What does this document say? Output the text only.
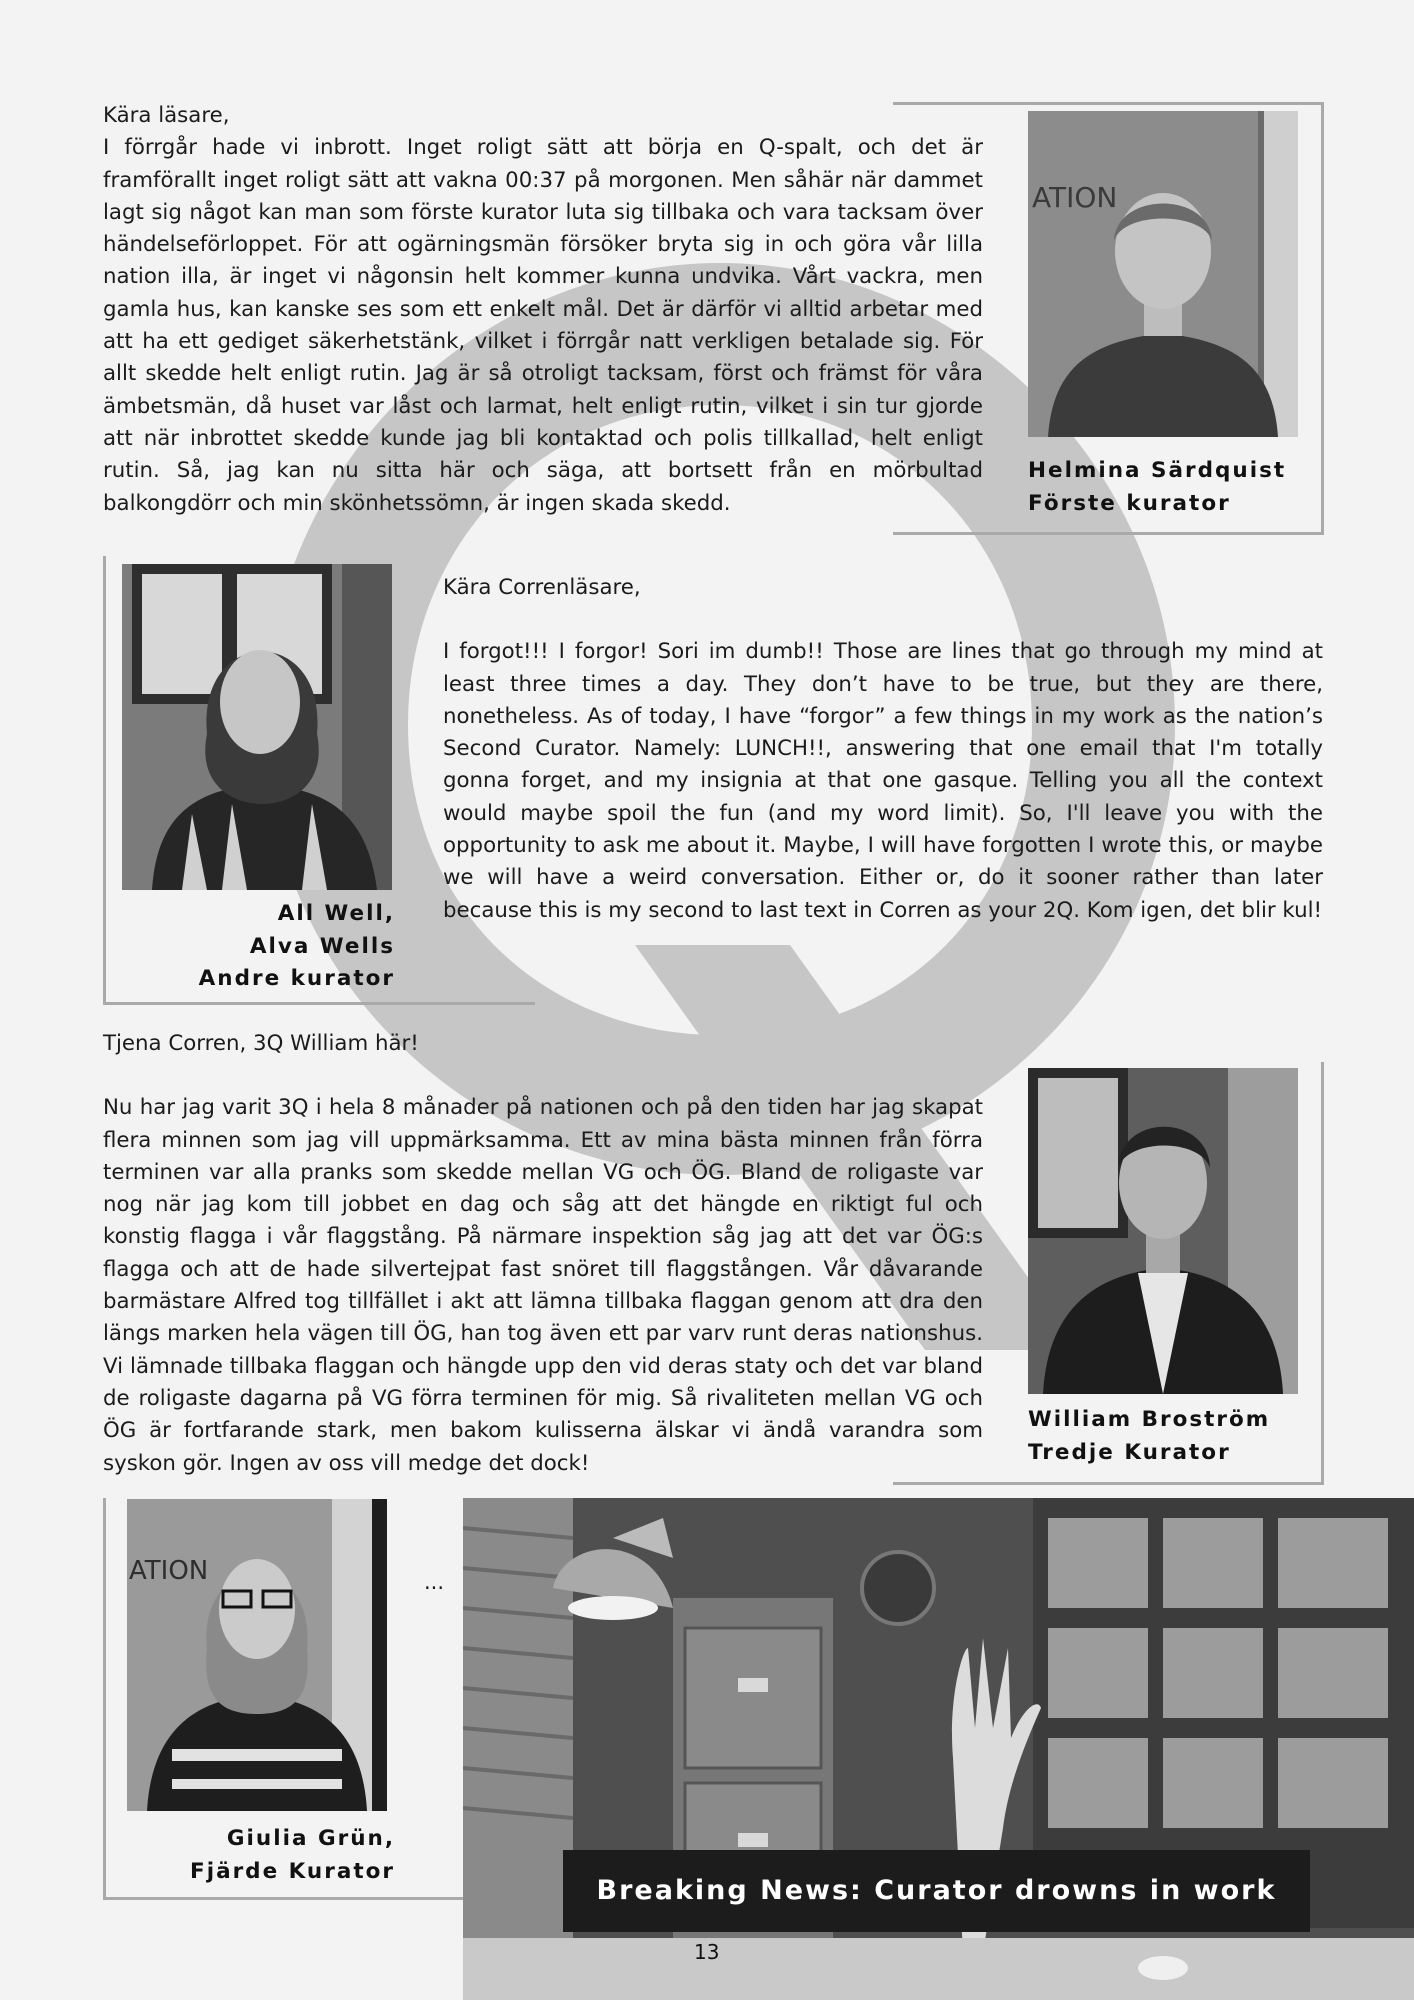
Kära läsare,

I förrgår hade vi inbrott. Inget roligt sätt att börja en Q-spalt, och det är framförallt inget roligt sätt att vakna 00:37 på morgonen. Men såhär när dammet lagt sig något kan man som förste kurator luta sig tillbaka och vara tacksam över händelseförloppet. För att ogärningsmän försöker bryta sig in och göra vår lilla nation illa, är inget vi någonsin helt kommer kunna undvika. Vårt vackra, men gamla hus, kan kanske ses som ett enkelt mål. Det är därför vi alltid arbetar med att ha ett gediget säkerhetstänk, vilket i förrgår natt verkligen betalade sig. För allt skedde helt enligt rutin. Jag är så otroligt tacksam, först och främst för våra ämbetsmän, då huset var låst och larmat, helt enligt rutin, vilket i sin tur gjorde att när inbrottet skedde kunde jag bli kontaktad och polis tillkallad, helt enligt rutin. Så, jag kan nu sitta här och säga, att bortsett från en mörbultad balkongdörr och min skönhetssömn, är ingen skada skedd.

ATION
Helmina Särdquist
Förste kurator
All Well,
Alva Wells
Andre kurator

Kära Correnläsare,

I forgot!!! I forgor! Sori im dumb!! Those are lines that go through my mind at least three times a day. They don’t have to be true, but they are there, nonetheless. As of today, I have “forgor” a few things in my work as the nation’s Second Curator. Namely: LUNCH!!, answering that one email that I'm totally gonna forget, and my insignia at that one gasque. Telling you all the context would maybe spoil the fun (and my word limit). So, I'll leave you with the opportunity to ask me about it. Maybe, I will have forgotten I wrote this, or maybe we will have a weird conversation. Either or, do it sooner rather than later because this is my second to last text in Corren as your 2Q. Kom igen, det blir kul!

Tjena Corren, 3Q William här!

Nu har jag varit 3Q i hela 8 månader på nationen och på den tiden har jag skapat flera minnen som jag vill uppmärksamma. Ett av mina bästa minnen från förra terminen var alla pranks som skedde mellan VG och ÖG. Bland de roligaste var nog när jag kom till jobbet en dag och såg att det hängde en riktigt ful och konstig flagga i vår flaggstång. På närmare inspektion såg jag att det var ÖG:s flagga och att de hade silvertejpat fast snöret till flaggstången. Vår dåvarande barmästare Alfred tog tillfället i akt att lämna tillbaka flaggan genom att dra den längs marken hela vägen till ÖG, han tog även ett par varv runt deras nationshus. Vi lämnade tillbaka flaggan och hängde upp den vid deras staty och det var bland de roligaste dagarna på VG förra terminen för mig. Så rivaliteten mellan VG och ÖG är fortfarande stark, men bakom kulisserna älskar vi ändå varandra som syskon gör. Ingen av oss vill medge det dock!

William Broström
Tredje Kurator
ATION
Giulia Grün,
Fjärde Kurator
...
Breaking News: Curator drowns in work
13
